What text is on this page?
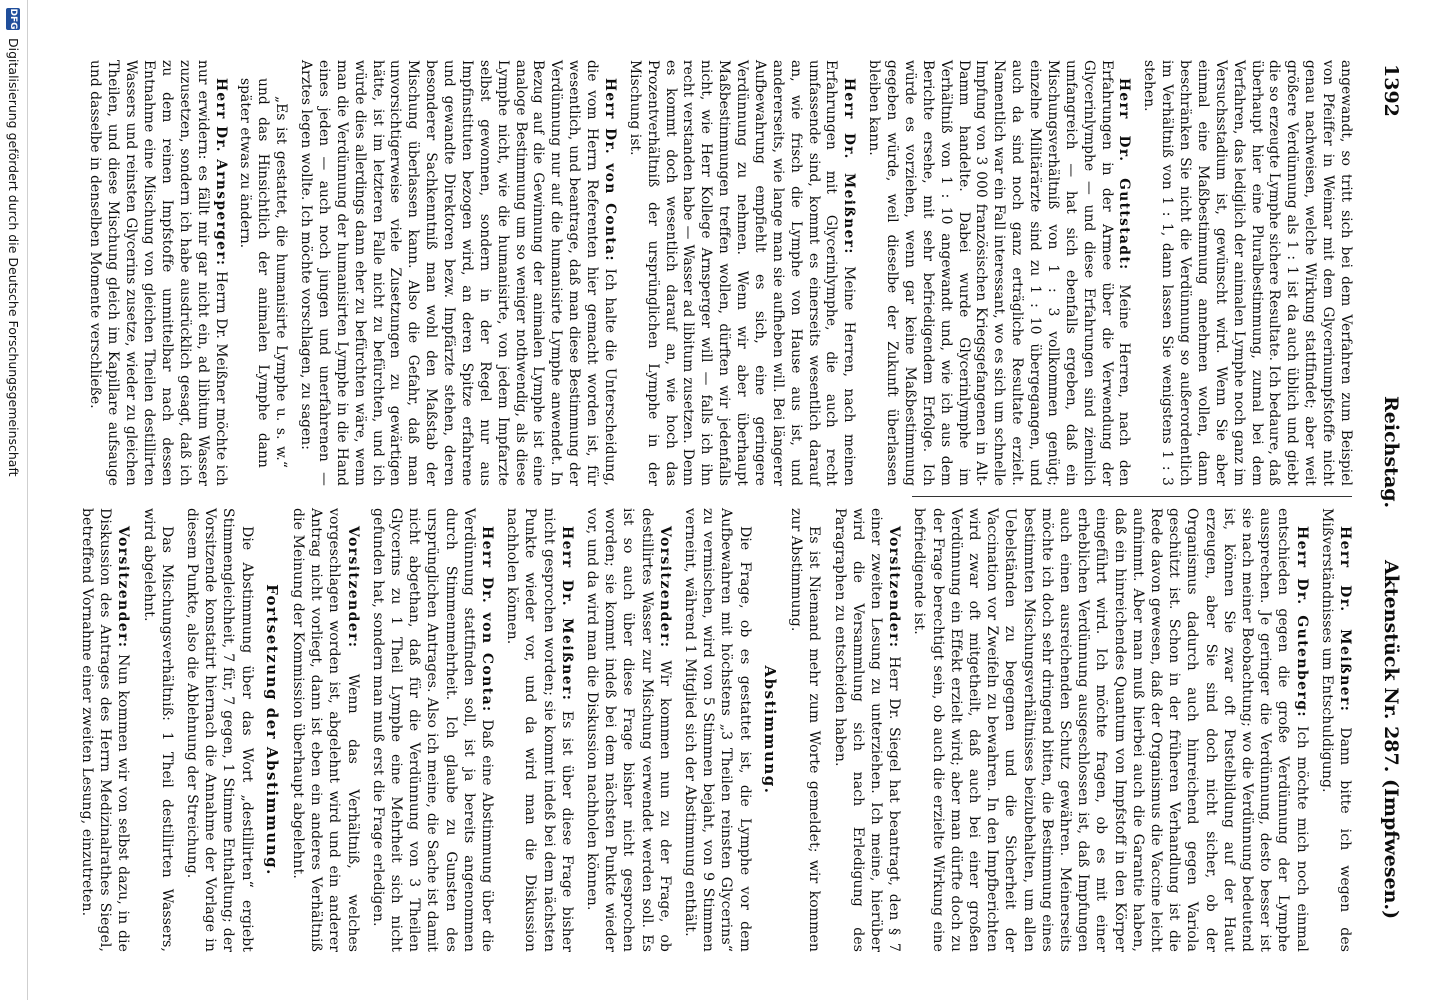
1392
Reichstag.
Aktenstück Nr. 287. (Impfwesen.)

angewandt, so tritt sich bei dem Verfahren zum Beispiel von Pfeiffer in Weimar mit dem Glycerinumpfstoffe nicht genau nachweisen, welche Wirkung stattfindet; aber weit größere Verdünnung als 1 : 1 ist da auch üblich und giebt die so erzeugte Lymphe sichere Resultate. Ich bedaure, daß überhaupt hier eine Pluralbestimmung, zumal bei dem Verfahren, das lediglich der animalen Lymphe noch ganz im Versuchsstadium ist, gewünscht wird. Wenn Sie aber einmal eine Maßbestimmung annehmen wollen, dann beschränken Sie nicht die Verdünnung so außerordentlich im Verhältniß von 1 : 1, dann lassen Sie wenigstens 1 : 3 stehen.

Herr Dr. Guttstadt: Meine Herren, nach den Erfahrungen in der Armee über die Verwendung der Glycerinlymphe — und diese Erfahrungen sind ziemlich umfangreich — hat sich ebenfalls ergeben, daß ein Mischungsverhältniß von 1 : 3 vollkommen genügt; einzelne Militärärzte sind zu 1 : 10 übergegangen, und auch da sind noch ganz erträgliche Resultate erzielt. Namentlich war ein Fall interessant, wo es sich um schnelle Impfung von 3 000 französischen Kriegsgefangenen in Alt-Damm handelte. Dabei wurde Glycerinlymphe im Verhältniß von 1 : 10 angewandt und, wie ich aus dem Berichte ersehe, mit sehr befriedigendem Erfolge. Ich würde es vorziehen, wenn gar keine Maßbestimmung gegeben würde, weil dieselbe der Zukunft überlassen bleiben kann.

Herr Dr. Meißner: Meine Herren, nach meinen Erfahrungen mit Glycerinlymphe, die auch recht umfassende sind, kommt es einerseits wesentlich darauf an, wie frisch die Lymphe von Hause aus ist, und andererseits, wie lange man sie aufheben will. Bei längerer Aufbewahrung empfiehlt es sich, eine geringere Verdünnung zu nehmen. Wenn wir aber überhaupt Maßbestimmungen treffen wollen, dürften wir jedenfalls nicht, wie Herr Kollege Arnsperger will — falls ich ihn recht verstanden habe — Wasser ad libitum zusetzen. Denn es kommt doch wesentlich darauf an, wie hoch das Prozentverhältniß der ursprünglichen Lymphe in der Mischung ist.

Herr Dr. von Conta: Ich halte die Unterscheidung, die vom Herrn Referenten hier gemacht worden ist, für wesentlich, und beantrage, daß man diese Bestimmung der Verdünnung nur auf die humanisirte Lymphe anwendet. In Bezug auf die Gewinnung der animalen Lymphe ist eine analoge Bestimmung um so weniger nothwendig, als diese Lymphe nicht, wie die humanisirte, von jedem Impfarzte selbst gewonnen, sondern in der Regel nur aus Impfinstituten bezogen wird, an deren Spitze erfahrene und gewandte Direktoren bezw. Impfärzte stehen, deren besonderer Sachkenntniß man wohl den Maßstab der Mischung überlassen kann. Also die Gefahr, daß man unvorsichtigerweise viele Zusetzungen zu gewärtigen hätte, ist im letzteren Falle nicht zu befürchten, und ich würde dies allerdings dann eher zu befürchten wäre, wenn man die Verdünnung der humanisirten Lymphe in die Hand eines jeden — auch noch jungen und unerfahrenen — Arztes legen wollte. Ich möchte vorschlagen, zu sagen:

„Es ist gestattet, die humanisirte Lymphe u. s. w.“ und das Hinsichtlich der animalen Lymphe dann später etwas zu ändern.

Herr Dr. Arnsperger: Herrn Dr. Meißner möchte ich nur erwidern: es fällt mir gar nicht ein, ad libitum Wasser zuzusetzen, sondern ich habe ausdrücklich gesagt, daß ich zu dem reinen Impfstoffe unmittelbar nach dessen Entnahme eine Mischung von gleichen Theilen destillirten Wassers und reinsten Glycerins zusetze, wieder zu gleichen Theilen, und diese Mischung gleich im Kapillare aufsauge und dasselbe in denselben Momente verschließe.

Herr Dr. Meißner: Dann bitte ich wegen des Mißverständnisses um Entschuldigung.

Herr Dr. Gutenberg: Ich möchte mich noch einmal entschieden gegen die große Verdünnung der Lymphe aussprechen. Je geringer die Verdünnung, desto besser ist sie nach meiner Beobachtung; wo die Verdünnung bedeutend ist, können Sie zwar oft Pustelbildung auf der Haut erzeugen, aber Sie sind doch nicht sicher, ob der Organismus dadurch auch hinreichend gegen Variola geschützt ist. Schon in der früheren Verhandlung ist die Rede davon gewesen, daß der Organismus die Vaccine leicht aufnimmt. Aber man muß hierbei auch die Garantie haben, daß ein hinreichendes Quantum von Impfstoff in den Körper eingeführt wird. Ich möchte fragen, ob es mit einer erheblichen Verdünnung ausgeschlossen ist, daß Impfungen auch einen ausreichenden Schutz gewähren. Meinerseits möchte ich doch sehr dringend bitten, die Bestimmung eines bestimmten Mischungsverhältnisses beizubehalten, um allen Uebelständen zu begegnen und die Sicherheit der Vaccination vor Zweifeln zu bewahren. In den Impfberichten wird zwar oft mitgetheilt, daß auch bei einer großen Verdünnung ein Effekt erzielt wird; aber man dürfte doch zu der Frage berechtigt sein, ob auch die erzielte Wirkung eine befriedigende ist.

Vorsitzender: Herr Dr. Siegel hat beantragt, den § 7 einer zweiten Lesung zu unterziehen. Ich meine, hierüber wird die Versammlung sich nach Erledigung des Paragraphen zu entscheiden haben.

Es ist Niemand mehr zum Worte gemeldet; wir kommen zur Abstimmung.

Abstimmung.

Die Frage, ob es gestattet ist, die Lymphe vor dem Aufbewahren mit höchstens „3 Theilen reinsten Glycerins“ zu vermischen, wird von 5 Stimmen bejaht, von 9 Stimmen verneint, während 1 Mitglied sich der Abstimmung enthält.

Vorsitzender: Wir kommen nun zu der Frage, ob destillirtes Wasser zur Mischung verwendet werden soll. Es ist so auch über diese Frage bisher nicht gesprochen worden; sie kommt indeß bei dem nächsten Punkte wieder vor, und da wird man die Diskussion nachholen können.

Herr Dr. Meißner: Es ist über diese Frage bisher nicht gesprochen worden; sie kommt indeß bei dem nächsten Punkte wieder vor, und da wird man die Diskussion nachholen können.

Herr Dr. von Conta: Daß eine Abstimmung über die Verdünnung stattfinden soll, ist ja bereits angenommen durch Stimmenmehrheit. Ich glaube zu Gunsten des ursprünglichen Antrages. Also ich meine, die Sache ist damit nicht abgethan, daß für die Verdünnung von 3 Theilen Glycerins zu 1 Theil Lymphe eine Mehrheit sich nicht gefunden hat, sondern man muß erst die Frage erledigen.

Vorsitzender: Wenn das Verhältniß, welches vorgeschlagen worden ist, abgelehnt wird und ein anderer Antrag nicht vorliegt, dann ist eben ein anderes Verhältniß die Meinung der Kommission überhaupt abgelehnt.

Fortsetzung der Abstimmung.

Die Abstimmung über das Wort „destillirten“ ergiebt Stimmengleichheit, 7 für, 7 gegen, 1 Stimme Enthaltung; der Vorsitzende konstatirt hiernach die Annahme der Vorlage in diesem Punkte, also die Ablehnung der Streichung.

Das Mischungsverhältniß: 1 Theil destillirten Wassers, wird abgelehnt.

Vorsitzender: Nun kommen wir von selbst dazu, in die Diskussion des Antrages des Herrn Medizinalrathes Siegel, betreffend Vornahme einer zweiten Lesung, einzutreten.

DFG
Digitalisierung gefördert durch die Deutsche Forschungsgemeinschaft
